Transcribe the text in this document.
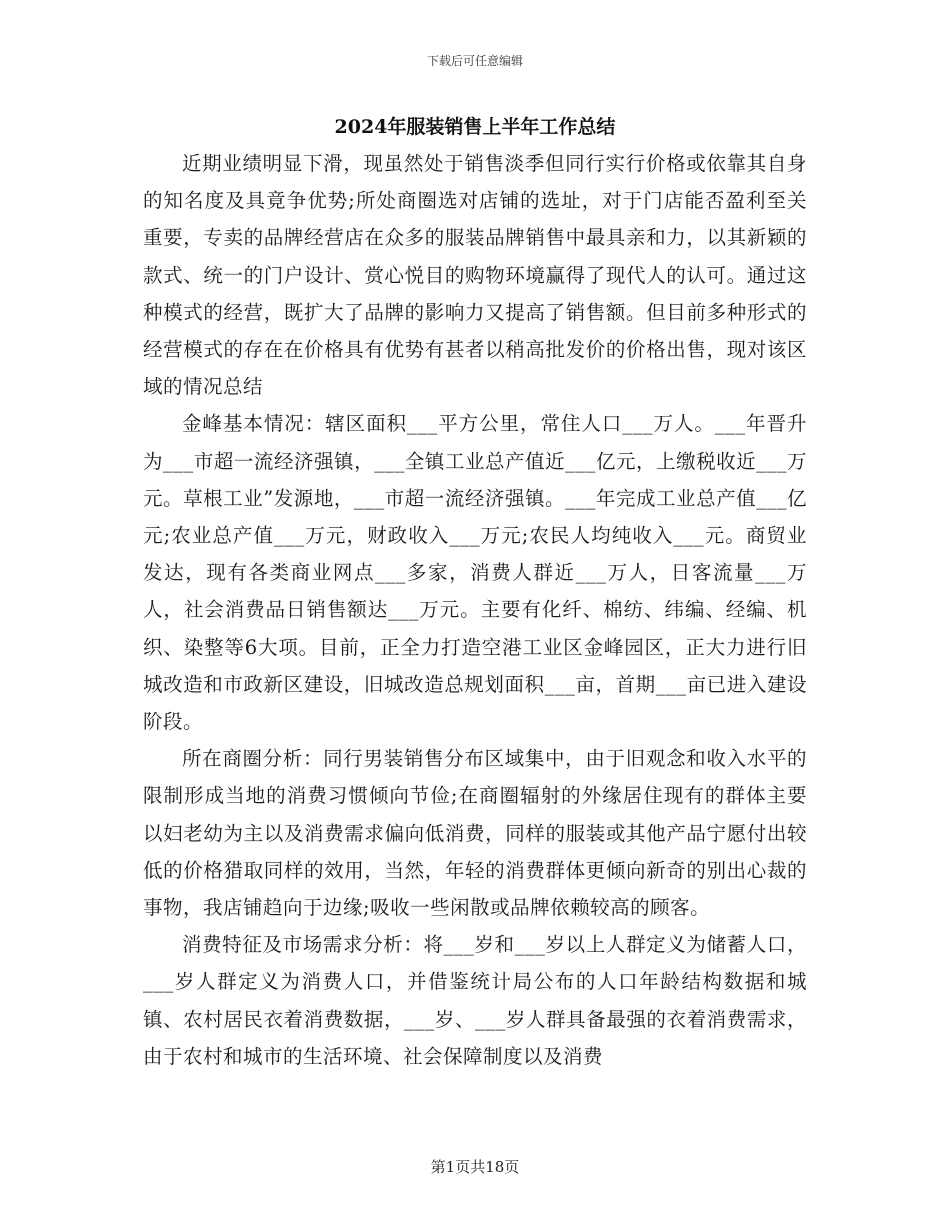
下载后可任意编辑
2024年服装销售上半年工作总结

近期业绩明显下滑，现虽然处于销售淡季但同行实行价格或依靠其自身的知名度及具竟争优势;所处商圈选对店铺的选址，对于门店能否盈利至关重要，专卖的品牌经营店在众多的服装品牌销售中最具亲和力，以其新颖的款式、统一的门户设计、赏心悦目的购物环境赢得了现代人的认可。通过这种模式的经营，既扩大了品牌的影响力又提高了销售额。但目前多种形式的经营模式的存在在价格具有优势有甚者以稍高批发价的价格出售，现对该区域的情况总结

金峰基本情况：辖区面积___平方公里，常住人口___万人。___年晋升为___市超一流经济强镇，___全镇工业总产值近___亿元，上缴税收近___万元。草根工业”发源地，___市超一流经济强镇。___年完成工业总产值___亿元;农业总产值___万元，财政收入___万元;农民人均纯收入___元。商贸业发达，现有各类商业网点___多家，消费人群近___万人，日客流量___万人，社会消费品日销售额达___万元。主要有化纤、棉纺、纬编、经编、机织、染整等6大项。目前，正全力打造空港工业区金峰园区，正大力进行旧城改造和市政新区建设，旧城改造总规划面积___亩，首期___亩已进入建设阶段。

所在商圈分析：同行男装销售分布区域集中，由于旧观念和收入水平的限制形成当地的消费习惯倾向节俭;在商圈辐射的外缘居住现有的群体主要以妇老幼为主以及消费需求偏向低消费，同样的服装或其他产品宁愿付出较低的价格猎取同样的效用，当然，年轻的消费群体更倾向新奇的别出心裁的事物，我店铺趋向于边缘;吸收一些闲散或品牌依赖较高的顾客。

消费特征及市场需求分析：将___岁和___岁以上人群定义为储蓄人口，___岁人群定义为消费人口，并借鉴统计局公布的人口年龄结构数据和城镇、农村居民衣着消费数据，___岁、___岁人群具备最强的衣着消费需求，由于农村和城市的生活环境、社会保障制度以及消费

第1页共18页
